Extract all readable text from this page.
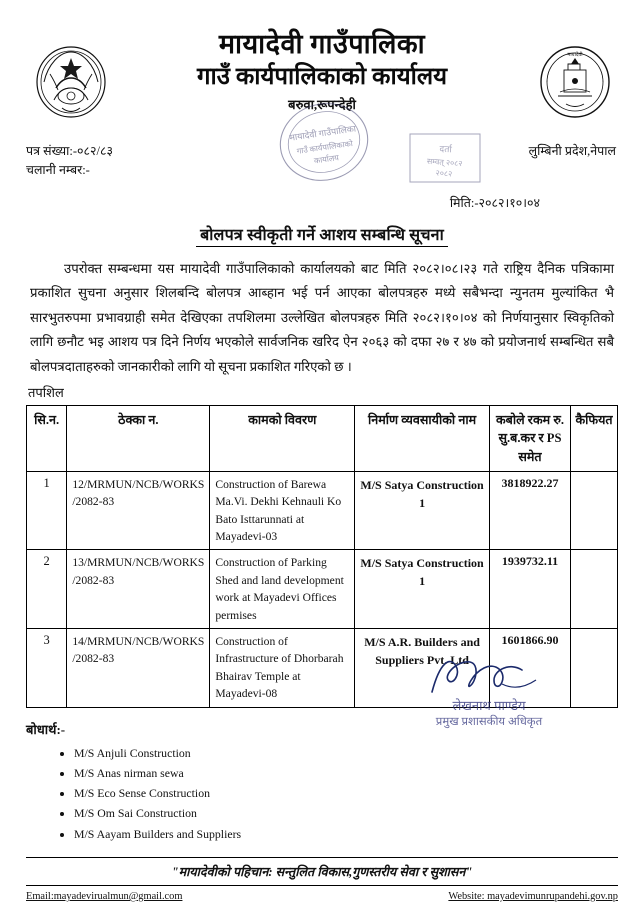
मायादेवी
मायादेवी गाउँपालिका
गाउँ कार्यपालिकाको कार्यालय
बरुवा,रूपन्देही
मायादेवी गाउँपालिका
गाउँ कार्यपालिकाको
कार्यालय
दर्ता
सम्वत् २०८२
२०८२
पत्र संख्या:-०८२/८३
चलानी नम्बर:-
लुम्बिनी प्रदेश,नेपाल
मिति:-२०८२।१०।०४
बोलपत्र स्वीकृती गर्ने आशय सम्बन्धि सूचना
उपरोक्त सम्बन्धमा यस मायादेवी गाउँपालिकाको कार्यालयको बाट मिति २०८२।०८।२३ गते राष्ट्रिय दैनिक पत्रिकामा प्रकाशित सुचना अनुसार शिलबन्दि बोलपत्र आब्हान भई पर्न आएका बोलपत्रहरु मध्ये सबैभन्दा न्युनतम मुल्यांकित भै सारभुतरुपमा प्रभावग्राही समेत देखिएका तपशिलमा उल्लेखित बोलपत्रहरु मिति २०८२।१०।०४ को निर्णयानुसार स्विकृतिको लागि छनौट भइ आशय पत्र दिने निर्णय भएकोले सार्वजनिक खरिद ऐन २०६३ को दफा २७ र ४७ को प्रयोजनार्थ सम्बन्धित सबै बोलपत्रदाताहरुको जानकारीको लागि यो सूचना प्रकाशित गरिएको छ ।
तपशिल
सि.न.	ठेक्का न.	कामको विवरण	निर्माण व्यवसायीको नाम	कबोले रकम रु. सु.ब.कर र PS समेत	कैफियत
1	12/MRMUN/NCB/WORKS /2082-83	Construction of Barewa Ma.Vi. Dekhi Kehnauli Ko Bato Isttarunnati at Mayadevi-03	M/S Satya Construction 1	3818922.27	
2	13/MRMUN/NCB/WORKS /2082-83	Construction of Parking Shed and land development work at Mayadevi Offices permises	M/S Satya Construction 1	1939732.11	
3	14/MRMUN/NCB/WORKS /2082-83	Construction of Infrastructure of Dhorbarah Bhairav Temple at Mayadevi-08	M/S A.R. Builders and Suppliers Pvt. Ltd	1601866.90	
बोधार्थ:-
• M/S Anjuli Construction
• M/S Anas nirman sewa
• M/S Eco Sense Construction
• M/S Om Sai Construction
• M/S Aayam Builders and Suppliers
लेखनाथ पाण्डेय
प्रमुख प्रशासकीय अधिकृत
"मायादेवीको पहिचान: सन्तुलित विकास,गुणस्तरीय सेवा र सुशासन"
Email:mayadevirualmun@gmail.com	Website: mayadevimunrupandehi.gov.np
